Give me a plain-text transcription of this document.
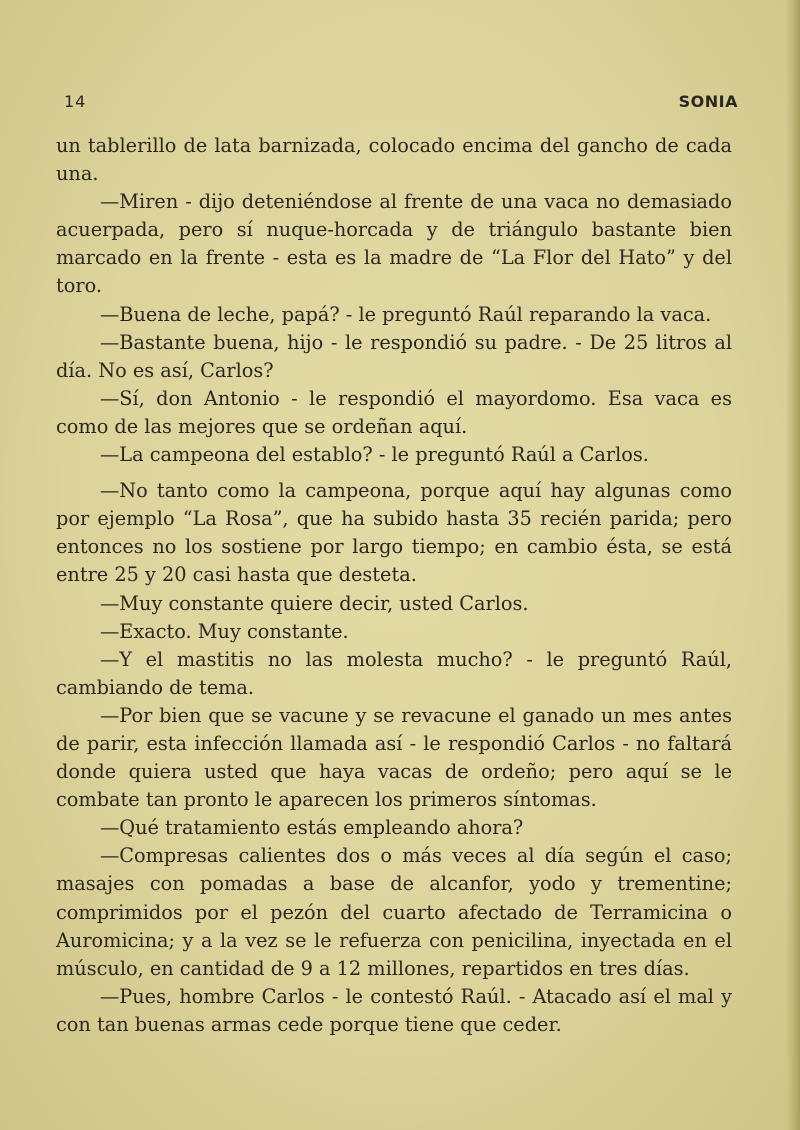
14	SONIA

un tablerillo de lata barnizada, colocado encima del gancho de cada una.

—Miren - dijo deteniéndose al frente de una vaca no demasiado acuerpada, pero sí nuque-horcada y de triángulo bastante bien marcado en la frente - esta es la madre de “La Flor del Hato” y del toro.

—Buena de leche, papá? - le preguntó Raúl reparando la vaca.

—Bastante buena, hijo - le respondió su padre. - De 25 litros al día. No es así, Carlos?

—Sí, don Antonio - le respondió el mayordomo. Esa vaca es como de las mejores que se ordeñan aquí.

—La campeona del establo? - le preguntó Raúl a Carlos.

—No tanto como la campeona, porque aquí hay algunas como por ejemplo “La Rosa”, que ha subido hasta 35 recién parida; pero entonces no los sostiene por largo tiempo; en cambio ésta, se está entre 25 y 20 casi hasta que desteta.

—Muy constante quiere decir, usted Carlos.

—Exacto. Muy constante.

—Y el mastitis no las molesta mucho? - le preguntó Raúl, cambiando de tema.

—Por bien que se vacune y se revacune el ganado un mes antes de parir, esta infección llamada así - le respondió Carlos - no faltará donde quiera usted que haya vacas de ordeño; pero aquí se le combate tan pronto le aparecen los primeros síntomas.

—Qué tratamiento estás empleando ahora?

—Compresas calientes dos o más veces al día según el caso; masajes con pomadas a base de alcanfor, yodo y trementine; comprimidos por el pezón del cuarto afectado de Terramicina o Auromicina; y a la vez se le refuerza con penicilina, inyectada en el músculo, en cantidad de 9 a 12 millones, repartidos en tres días.

—Pues, hombre Carlos - le contestó Raúl. - Atacado así el mal y con tan buenas armas cede porque tiene que ceder.
